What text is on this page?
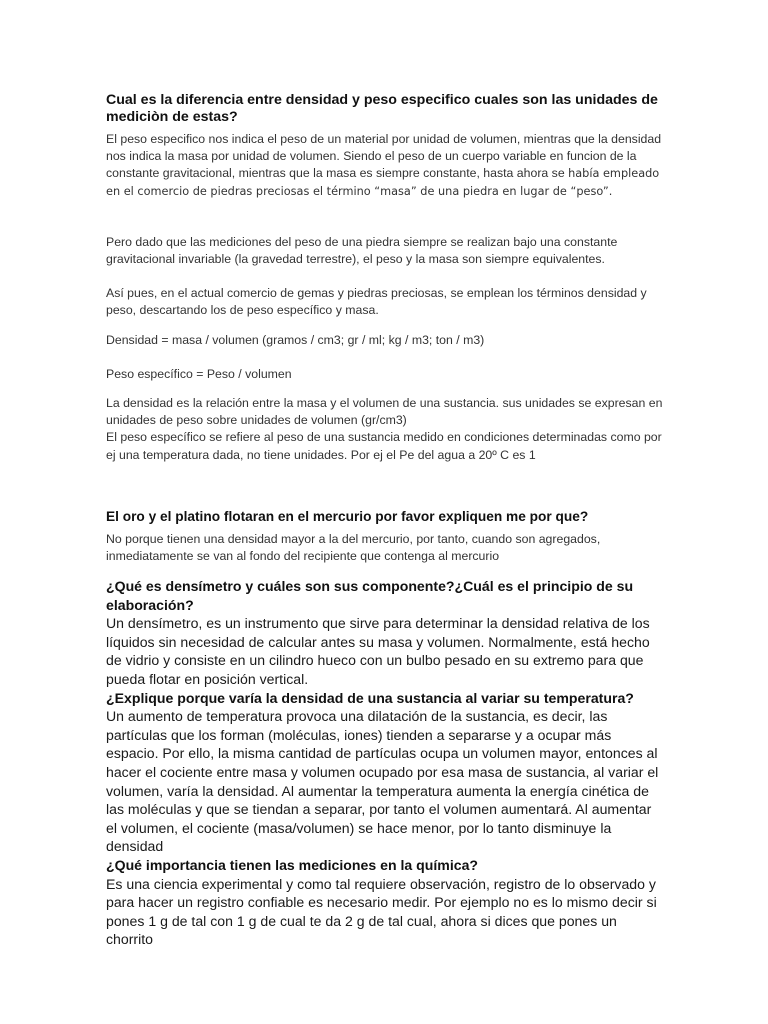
Cual es la diferencia entre densidad y peso especifico cuales son las unidades de mediciòn de estas?

El peso especifico nos indica el peso de un material por unidad de volumen, mientras que la densidad nos indica la masa por unidad de volumen. Siendo el peso de un cuerpo variable en funcion de la constante gravitacional, mientras que la masa es siempre constante, hasta ahora se había empleado en el comercio de piedras preciosas el término “masa” de una piedra en lugar de “peso”.

Pero dado que las mediciones del peso de una piedra siempre se realizan bajo una constante gravitacional invariable (la gravedad terrestre), el peso y la masa son siempre equivalentes.

Así pues, en el actual comercio de gemas y piedras preciosas, se emplean los términos densidad y peso, descartando los de peso específico y masa.

Densidad = masa / volumen (gramos / cm3; gr / ml; kg / m3; ton / m3)

Peso específico = Peso / volumen

La densidad es la relación entre la masa y el volumen de una sustancia. sus unidades se expresan en unidades de peso sobre unidades de volumen (gr/cm3)
El peso específico se refiere al peso de una sustancia medido en condiciones determinadas como por ej una temperatura dada, no tiene unidades. Por ej el Pe del agua a 20º C es 1
El oro y el platino flotaran en el mercurio por favor expliquen me por que?

No porque tienen una densidad mayor a la del mercurio, por tanto, cuando son agregados, inmediatamente se van al fondo del recipiente que contenga al mercurio

¿Qué es densímetro y cuáles son sus componente?¿Cuál es el principio de su elaboración?

Un densímetro, es un instrumento que sirve para determinar la densidad relativa de los líquidos sin necesidad de calcular antes su masa y volumen. Normalmente, está hecho de vidrio y consiste en un cilindro hueco con un bulbo pesado en su extremo para que pueda flotar en posición vertical.

¿Explique porque varía la densidad de una sustancia al variar su temperatura?

Un aumento de temperatura provoca una dilatación de la sustancia, es decir, las partículas que los forman (moléculas, iones) tienden a separarse y a ocupar más espacio. Por ello, la misma cantidad de partículas ocupa un volumen mayor, entonces al hacer el cociente entre masa y volumen ocupado por esa masa de sustancia, al variar el volumen, varía la densidad. Al aumentar la temperatura aumenta la energía cinética de las moléculas y que se tiendan a separar, por tanto el volumen aumentará. Al aumentar el volumen, el cociente (masa/volumen) se hace menor, por lo tanto disminuye la densidad

¿Qué importancia tienen las mediciones en la química?

Es una ciencia experimental y como tal requiere observación, registro de lo observado y para hacer un registro confiable es necesario medir. Por ejemplo no es lo mismo decir si pones 1 g de tal con 1 g de cual te da 2 g de tal cual, ahora si dices que pones un chorrito
